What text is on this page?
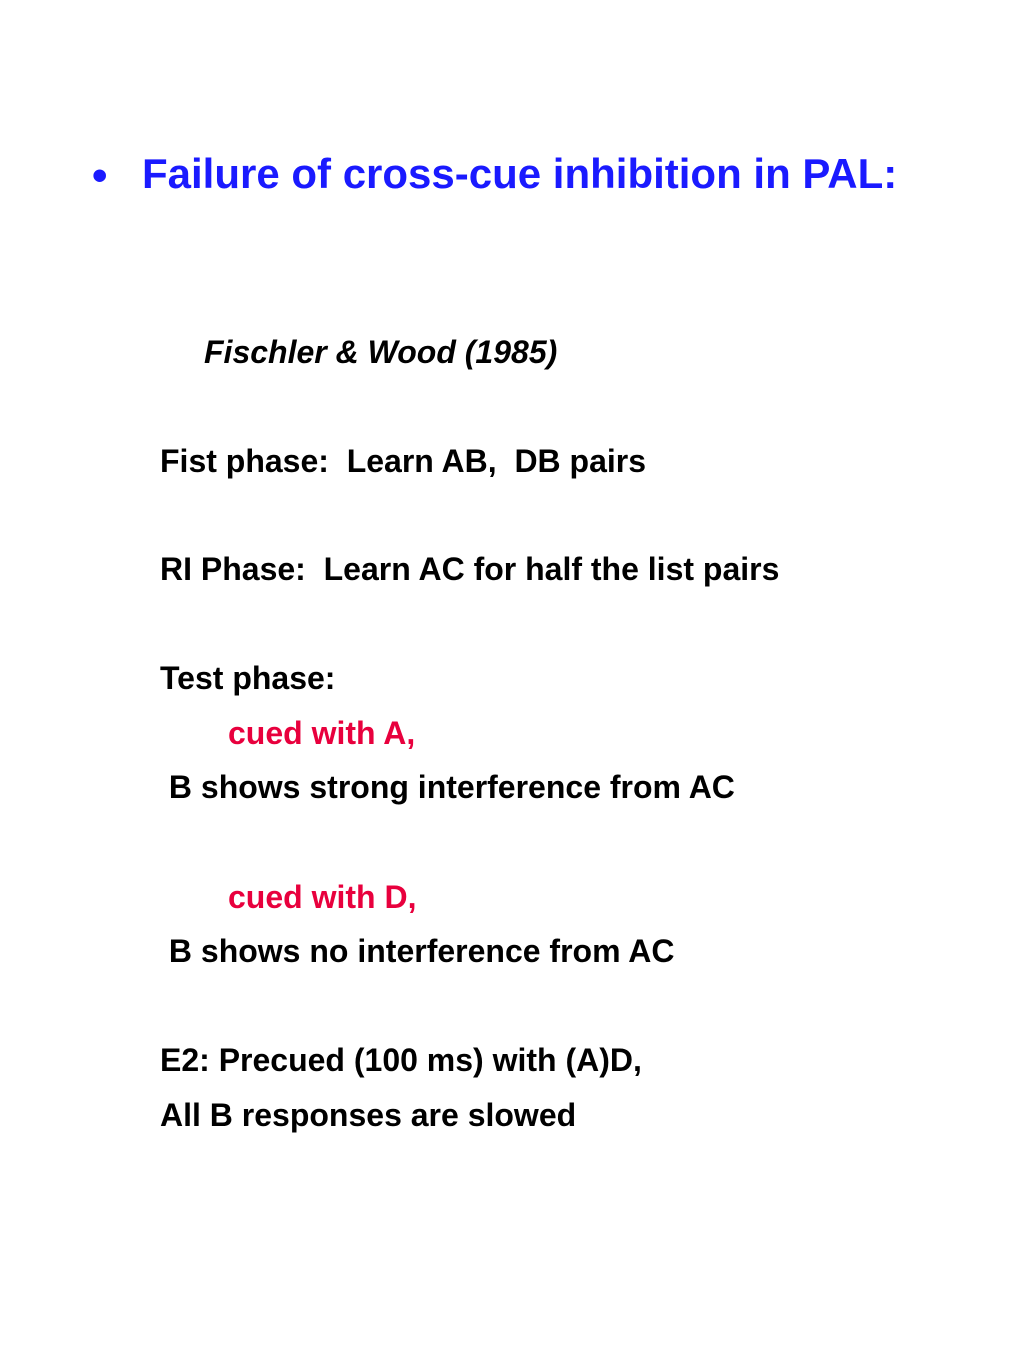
• Failure of cross-cue inhibition in PAL:
Fischler & Wood (1985)
Fist phase:  Learn AB,  DB pairs
RI Phase:  Learn AC for half the list pairs
Test phase:
cued with A,
B shows strong interference from AC
cued with D,
B shows no interference from AC
E2: Precued (100 ms) with (A)D,
All B responses are slowed
